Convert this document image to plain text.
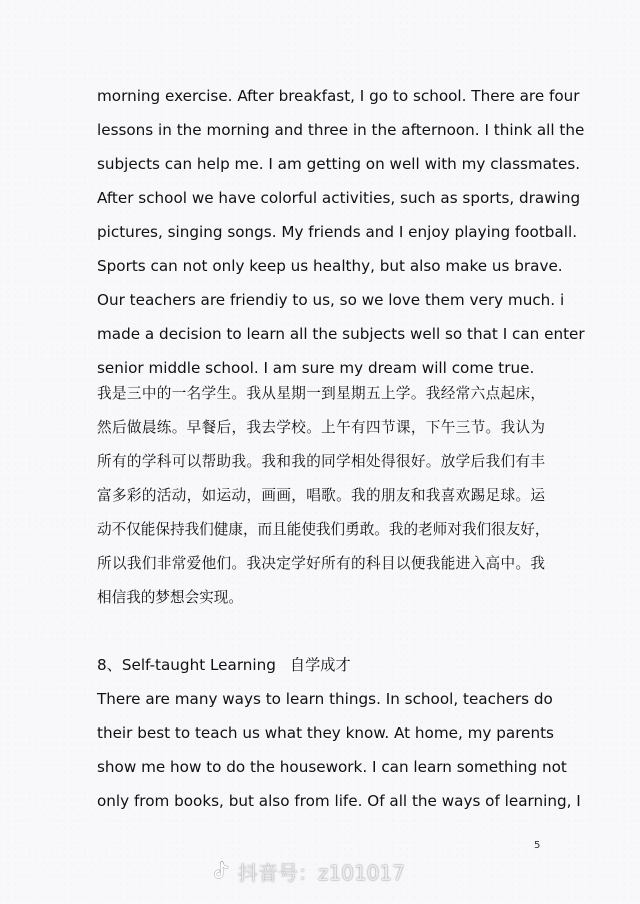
morning exercise. After breakfast, I go to school. There are four
lessons in the morning and three in the afternoon. I think all the
subjects can help me. I am getting on well with my classmates.
After school we have colorful activities, such as sports, drawing
pictures, singing songs. My friends and I enjoy playing football.
Sports can not only keep us healthy, but also make us brave.
Our teachers are friendiy to us, so we love them very much. i
made a decision to learn all the subjects well so that I can enter
senior middle school. I am sure my dream will come true.
我是三中的一名学生。我从星期一到星期五上学。我经常六点起床，
然后做晨练。早餐后，我去学校。上午有四节课，下午三节。我认为
所有的学科可以帮助我。我和我的同学相处得很好。放学后我们有丰
富多彩的活动，如运动，画画，唱歌。我的朋友和我喜欢踢足球。运
动不仅能保持我们健康，而且能使我们勇敢。我的老师对我们很友好，
所以我们非常爱他们。我决定学好所有的科目以便我能进入高中。我
相信我的梦想会实现。
8、Self-taught Learning 自学成才
There are many ways to learn things. In school, teachers do
their best to teach us what they know. At home, my parents
show me how to do the housework. I can learn something not
only from books, but also from life. Of all the ways of learning, I
5
抖音号：z101017
